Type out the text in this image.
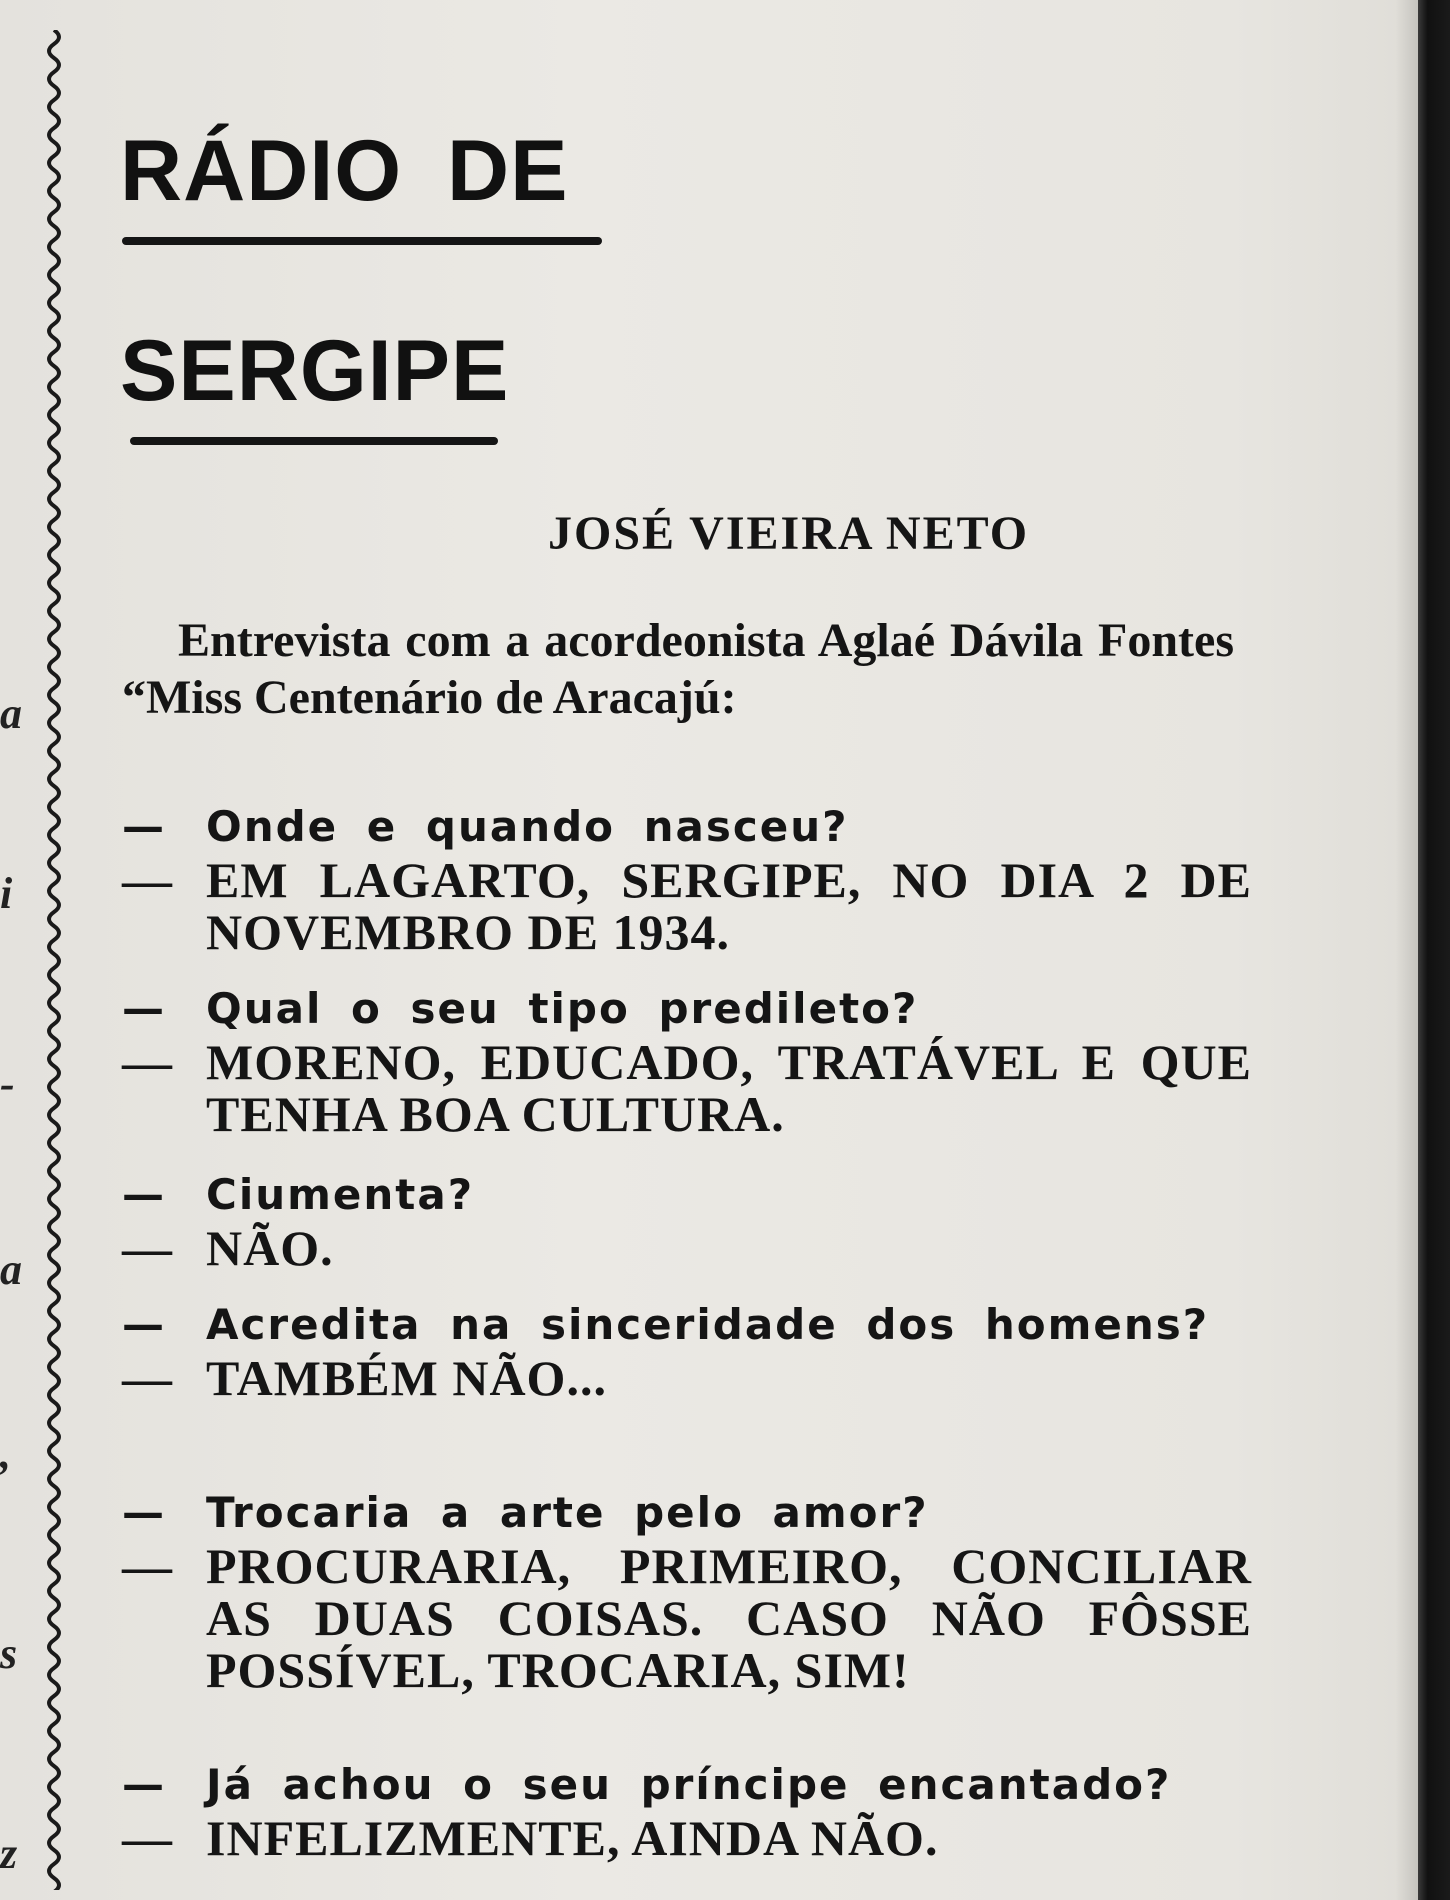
a
i
-
a
,
s
z
RÁDIO DE
SERGIPE

JOSÉ VIEIRA NETO

Entrevista com a acordeonista Aglaé Dávila Fontes “Miss Centenário de Aracajú:

— Onde e quando nasceu?
— EM LAGARTO, SERGIPE, NO DIA 2 DE NOVEMBRO DE 1934.
— Qual o seu tipo predileto?
— MORENO, EDUCADO, TRATÁVEL E QUE TENHA BOA CULTURA.
— Ciumenta?
— NÃO.
— Acredita na sinceridade dos homens?
— TAMBÉM NÃO...
— Trocaria a arte pelo amor?
— PROCURARIA, PRIMEIRO, CONCILIAR AS DUAS COISAS. CASO NÃO FÔSSE POSSÍVEL, TROCARIA, SIM!
— Já achou o seu príncipe encantado?
— INFELIZMENTE, AINDA NÃO.
